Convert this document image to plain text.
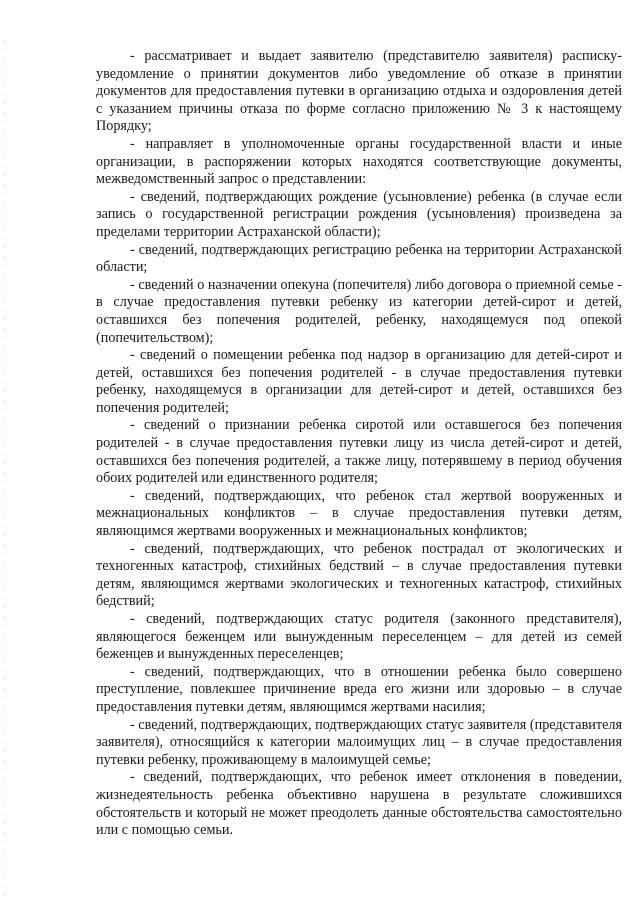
- рассматривает и выдает заявителю (представителю заявителя) расписку-уведомление о принятии документов либо уведомление об отказе в принятии документов для предоставления путевки в организацию отдыха и оздоровления детей с указанием причины отказа по форме согласно приложению № 3 к настоящему Порядку;

- направляет в уполномоченные органы государственной власти и иные организации, в распоряжении которых находятся соответствующие документы, межведомственный запрос о представлении:

- сведений, подтверждающих рождение (усыновление) ребенка (в случае если запись о государственной регистрации рождения (усыновления) произведена за пределами территории Астраханской области);

- сведений, подтверждающих регистрацию ребенка на территории Астраханской области;

- сведений о назначении опекуна (попечителя) либо договора о приемной семье - в случае предоставления путевки ребенку из категории детей-сирот и детей, оставшихся без попечения родителей, ребенку, находящемуся под опекой (попечительством);

- сведений о помещении ребенка под надзор в организацию для детей-сирот и детей, оставшихся без попечения родителей - в случае предоставления путевки ребенку, находящемуся в организации для детей-сирот и детей, оставшихся без попечения родителей;

- сведений о признании ребенка сиротой или оставшегося без попечения родителей - в случае предоставления путевки лицу из числа детей-сирот и детей, оставшихся без попечения родителей, а также лицу, потерявшему в период обучения обоих родителей или единственного родителя;

- сведений, подтверждающих, что ребенок стал жертвой вооруженных и межнациональных конфликтов – в случае предоставления путевки детям, являющимся жертвами вооруженных и межнациональных конфликтов;

- сведений, подтверждающих, что ребенок пострадал от экологических и техногенных катастроф, стихийных бедствий – в случае предоставления путевки детям, являющимся жертвами экологических и техногенных катастроф, стихийных бедствий;

- сведений, подтверждающих статус родителя (законного представителя), являющегося беженцем или вынужденным переселенцем – для детей из семей беженцев и вынужденных переселенцев;

- сведений, подтверждающих, что в отношении ребенка было совершено преступление, повлекшее причинение вреда его жизни или здоровью – в случае предоставления путевки детям, являющимся жертвами насилия;

- сведений, подтверждающих, подтверждающих статус заявителя (представителя заявителя), относящийся к категории малоимущих лиц – в случае предоставления путевки ребенку, проживающему в малоимущей семье;

- сведений, подтверждающих, что ребенок имеет отклонения в поведении, жизнедеятельность ребенка объективно нарушена в результате сложившихся обстоятельств и который не может преодолеть данные обстоятельства самостоятельно или с помощью семьи.
